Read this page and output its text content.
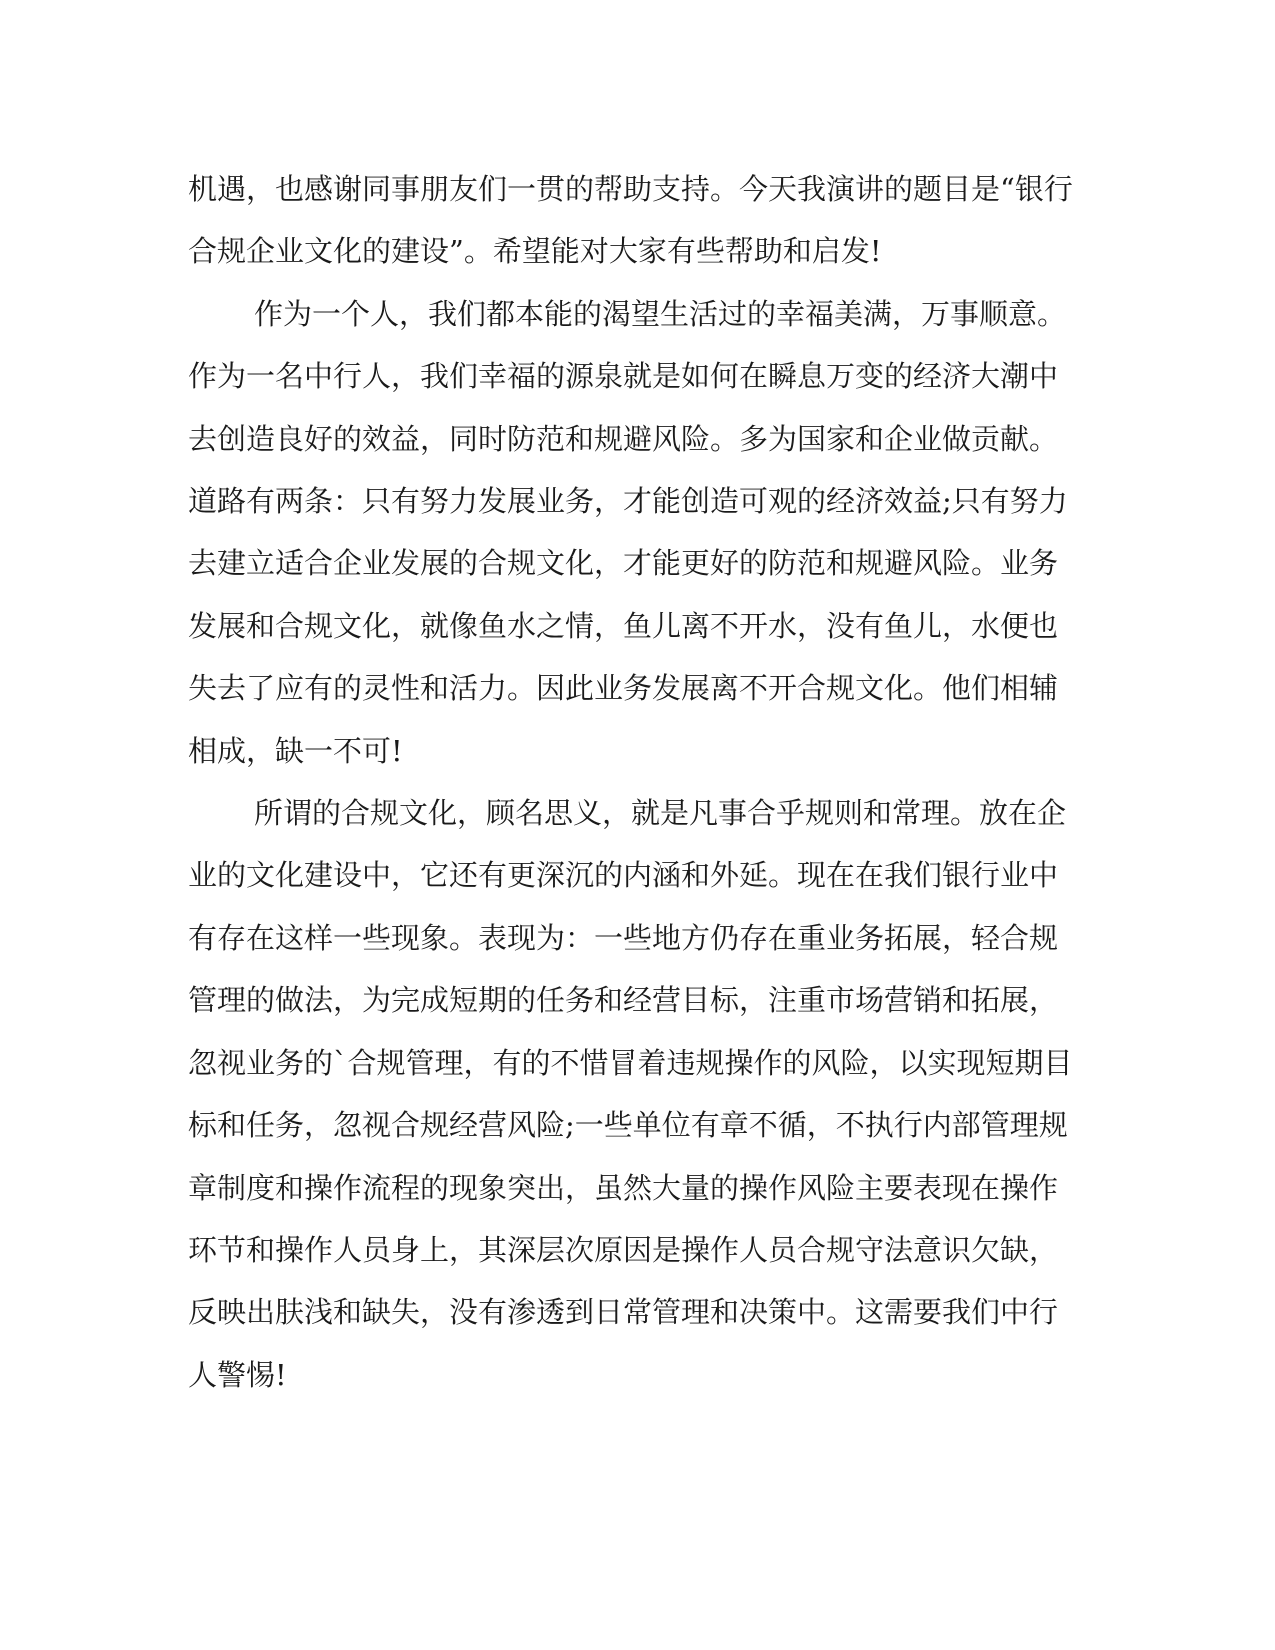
机遇，也感谢同事朋友们一贯的帮助支持。今天我演讲的题目是“银行
合规企业文化的建设”。希望能对大家有些帮助和启发!
作为一个人，我们都本能的渴望生活过的幸福美满，万事顺意。
作为一名中行人，我们幸福的源泉就是如何在瞬息万变的经济大潮中
去创造良好的效益，同时防范和规避风险。多为国家和企业做贡献。
道路有两条：只有努力发展业务，才能创造可观的经济效益;只有努力
去建立适合企业发展的合规文化，才能更好的防范和规避风险。业务
发展和合规文化，就像鱼水之情，鱼儿离不开水，没有鱼儿，水便也
失去了应有的灵性和活力。因此业务发展离不开合规文化。他们相辅
相成，缺一不可!
所谓的合规文化，顾名思义，就是凡事合乎规则和常理。放在企
业的文化建设中，它还有更深沉的内涵和外延。现在在我们银行业中
有存在这样一些现象。表现为：一些地方仍存在重业务拓展，轻合规
管理的做法，为完成短期的任务和经营目标，注重市场营销和拓展，
忽视业务的`合规管理，有的不惜冒着违规操作的风险，以实现短期目
标和任务，忽视合规经营风险;一些单位有章不循，不执行内部管理规
章制度和操作流程的现象突出，虽然大量的操作风险主要表现在操作
环节和操作人员身上，其深层次原因是操作人员合规守法意识欠缺，
反映出肤浅和缺失，没有渗透到日常管理和决策中。这需要我们中行
人警惕!
